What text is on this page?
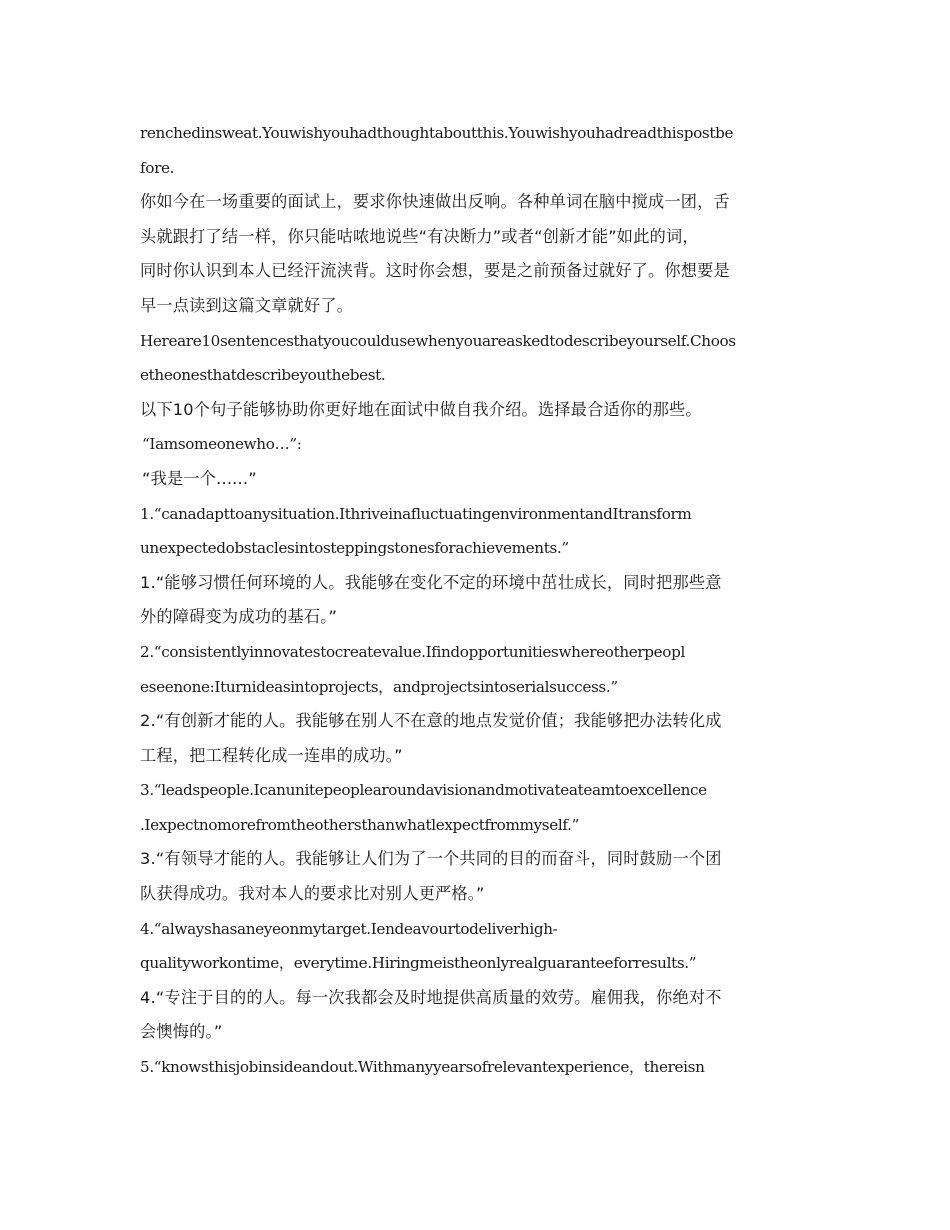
renchedinsweat.Youwishyouhadthoughtaboutthis.Youwishyouhadreadthispostbe
fore.
你如今在一场重要的面试上，要求你快速做出反响。各种单词在脑中搅成一团，舌
头就跟打了结一样，你只能咕哝地说些“有决断力”或者“创新才能”如此的词，
同时你认识到本人已经汗流浃背。这时你会想，要是之前预备过就好了。你想要是
早一点读到这篇文章就好了。
Hereare10sentencesthatyoucouldusewhenyouareaskedtodescribeyourself.Choos
etheonesthatdescribeyouthebest.
以下10个句子能够协助你更好地在面试中做自我介绍。选择最合适你的那些。
“Iamsomeonewho…”:
“我是一个......”
1.“canadapttoanysituation.IthriveinafluctuatingenvironmentandItransform
unexpectedobstaclesintosteppingstonesforachievements.”
1.“能够习惯任何环境的人。我能够在变化不定的环境中茁壮成长，同时把那些意
外的障碍变为成功的基石。”
2.“consistentlyinnovatestocreatevalue.Ifindopportunitieswhereotherpeopl
eseenone:Iturnideasintoprojects，andprojectsintoserialsuccess.”
2.“有创新才能的人。我能够在别人不在意的地点发觉价值；我能够把办法转化成
工程，把工程转化成一连串的成功。”
3.“leadspeople.Icanunitepeoplearoundavisionandmotivateateamtoexcellence
.Iexpectnomorefromtheothersthanwhatlexpectfrommyself.”
3.“有领导才能的人。我能够让人们为了一个共同的目的而奋斗，同时鼓励一个团
队获得成功。我对本人的要求比对别人更严格。”
4.“alwayshasaneyeonmytarget.Iendeavourtodeliverhigh-
qualityworkontime，everytime.Hiringmeistheonlyrealguaranteeforresults.”
4.“专注于目的的人。每一次我都会及时地提供高质量的效劳。雇佣我，你绝对不
会懊悔的。”
5.“knowsthisjobinsideandout.Withmanyyearsofrelevantexperience，thereisn
